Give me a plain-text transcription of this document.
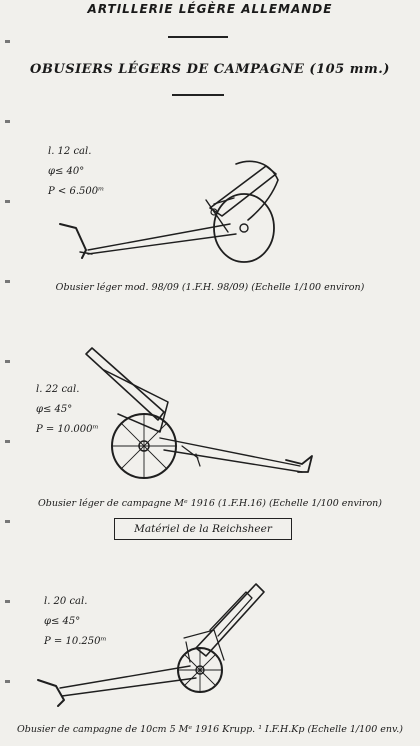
ARTILLERIE LÉGÈRE ALLEMANDE
OBUSIERS LÉGERS DE CAMPAGNE (105 mm.)
l. 12 cal.
φ≤ 40°
P < 6.500ᵐ
Obusier léger mod. 98/09 (1.F.H. 98/09) (Echelle 1/100 environ)
l. 22 cal.
φ≤ 45°
P = 10.000ᵐ
Obusier léger de campagne Mᵉ 1916 (1.F.H.16) (Echelle 1/100 environ)
Matériel de la Reichsheer
l. 20 cal.
φ≤ 45°
P = 10.250ᵐ
Obusier de campagne de 10cm 5 Mᵉ 1916 Krupp. ¹ I.F.H.Kp (Echelle 1/100 env.)
